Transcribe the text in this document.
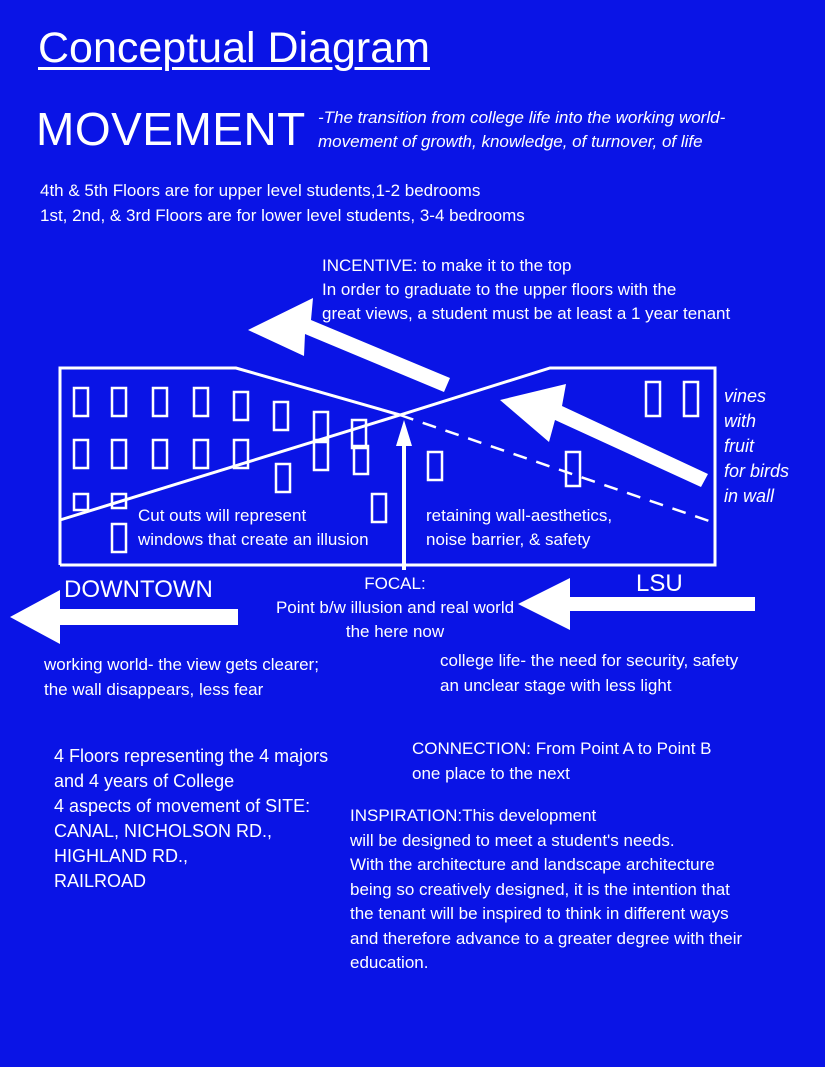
Conceptual Diagram
MOVEMENT -The transition from college life into the working world-
movement of growth, knowledge, of turnover, of life
4th & 5th Floors are for upper level students,1-2 bedrooms
1st, 2nd, & 3rd Floors are for lower level students, 3-4 bedrooms
INCENTIVE: to make it to the top
In order to graduate to the upper floors with the
great views, a student must be at least a 1 year tenant
vines
with
fruit
for birds
in wall
Cut outs will represent
windows that create an illusion
retaining wall-aesthetics,
noise barrier, & safety
DOWNTOWN	LSU
FOCAL:
Point b/w illusion and real world
the here now
working world- the view gets clearer;
the wall disappears, less fear
college life- the need for security, safety
an unclear stage with less light
4 Floors representing the 4 majors
and 4 years of College
4 aspects of movement of SITE:
CANAL, NICHOLSON RD.,
HIGHLAND RD.,
RAILROAD
CONNECTION: From Point A to Point B
one place to the next
INSPIRATION:This development
will be designed to meet a student's needs.
With the architecture and landscape architecture
being so creatively designed, it is the intention that
the tenant will be inspired to think in different ways
and therefore advance to a greater degree with their
education.
